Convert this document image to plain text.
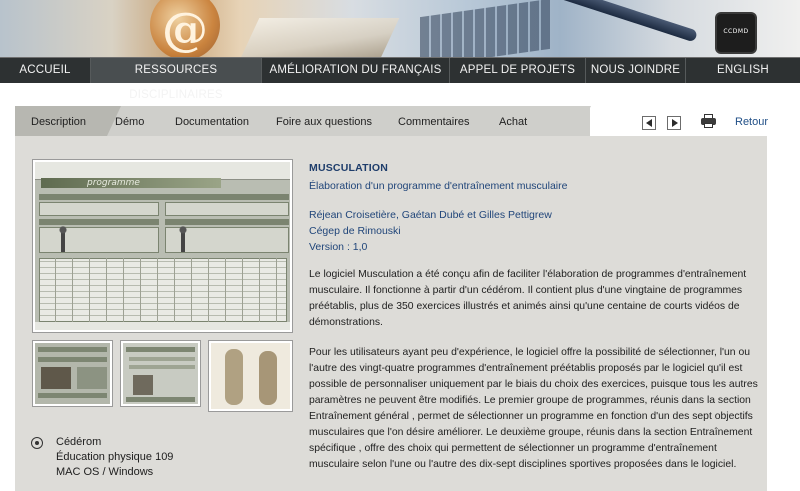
@	CCDMD
ACCUEIL	RESSOURCES DISCIPLINAIRES
AMÉLIORATION DU FRANÇAIS	APPEL DE PROJETS	NOUS JOINDRE	ENGLISH
Description	Démo	Documentation Foire aux questions Commentaires	Achat	Retour
programme
Cédérom
Éducation physique 109
MAC OS / Windows
MUSCULATION
Élaboration d'un programme d'entraînement musculaire
Réjean Croisetière, Gaétan Dubé et Gilles Pettigrew
Cégep de Rimouski
Version : 1,0
Le logiciel Musculation a été conçu afin de faciliter l'élaboration de programmes d'entraînement musculaire. Il fonctionne à partir d'un cédérom. Il contient plus d'une vingtaine de programmes préétablis, plus de 350 exercices illustrés et animés ainsi qu'une centaine de courts vidéos de démonstrations.
Pour les utilisateurs ayant peu d'expérience, le logiciel offre la possibilité de sélectionner, l'un ou l'autre des vingt-quatre programmes d'entraînement préétablis proposés par le logiciel qu'il est possible de personnaliser uniquement par le biais du choix des exercices, puisque tous les autres paramètres ne peuvent être modifiés. Le premier groupe de programmes, réunis dans la section Entraînement général , permet de sélectionner un programme en fonction d'un des sept objectifs musculaires que l'on désire améliorer. Le deuxième groupe, réunis dans la section Entraînement spécifique , offre des choix qui permettent de sélectionner un programme d'entraînement musculaire selon l'une ou l'autre des dix-sept disciplines sportives proposées dans le logiciel.
